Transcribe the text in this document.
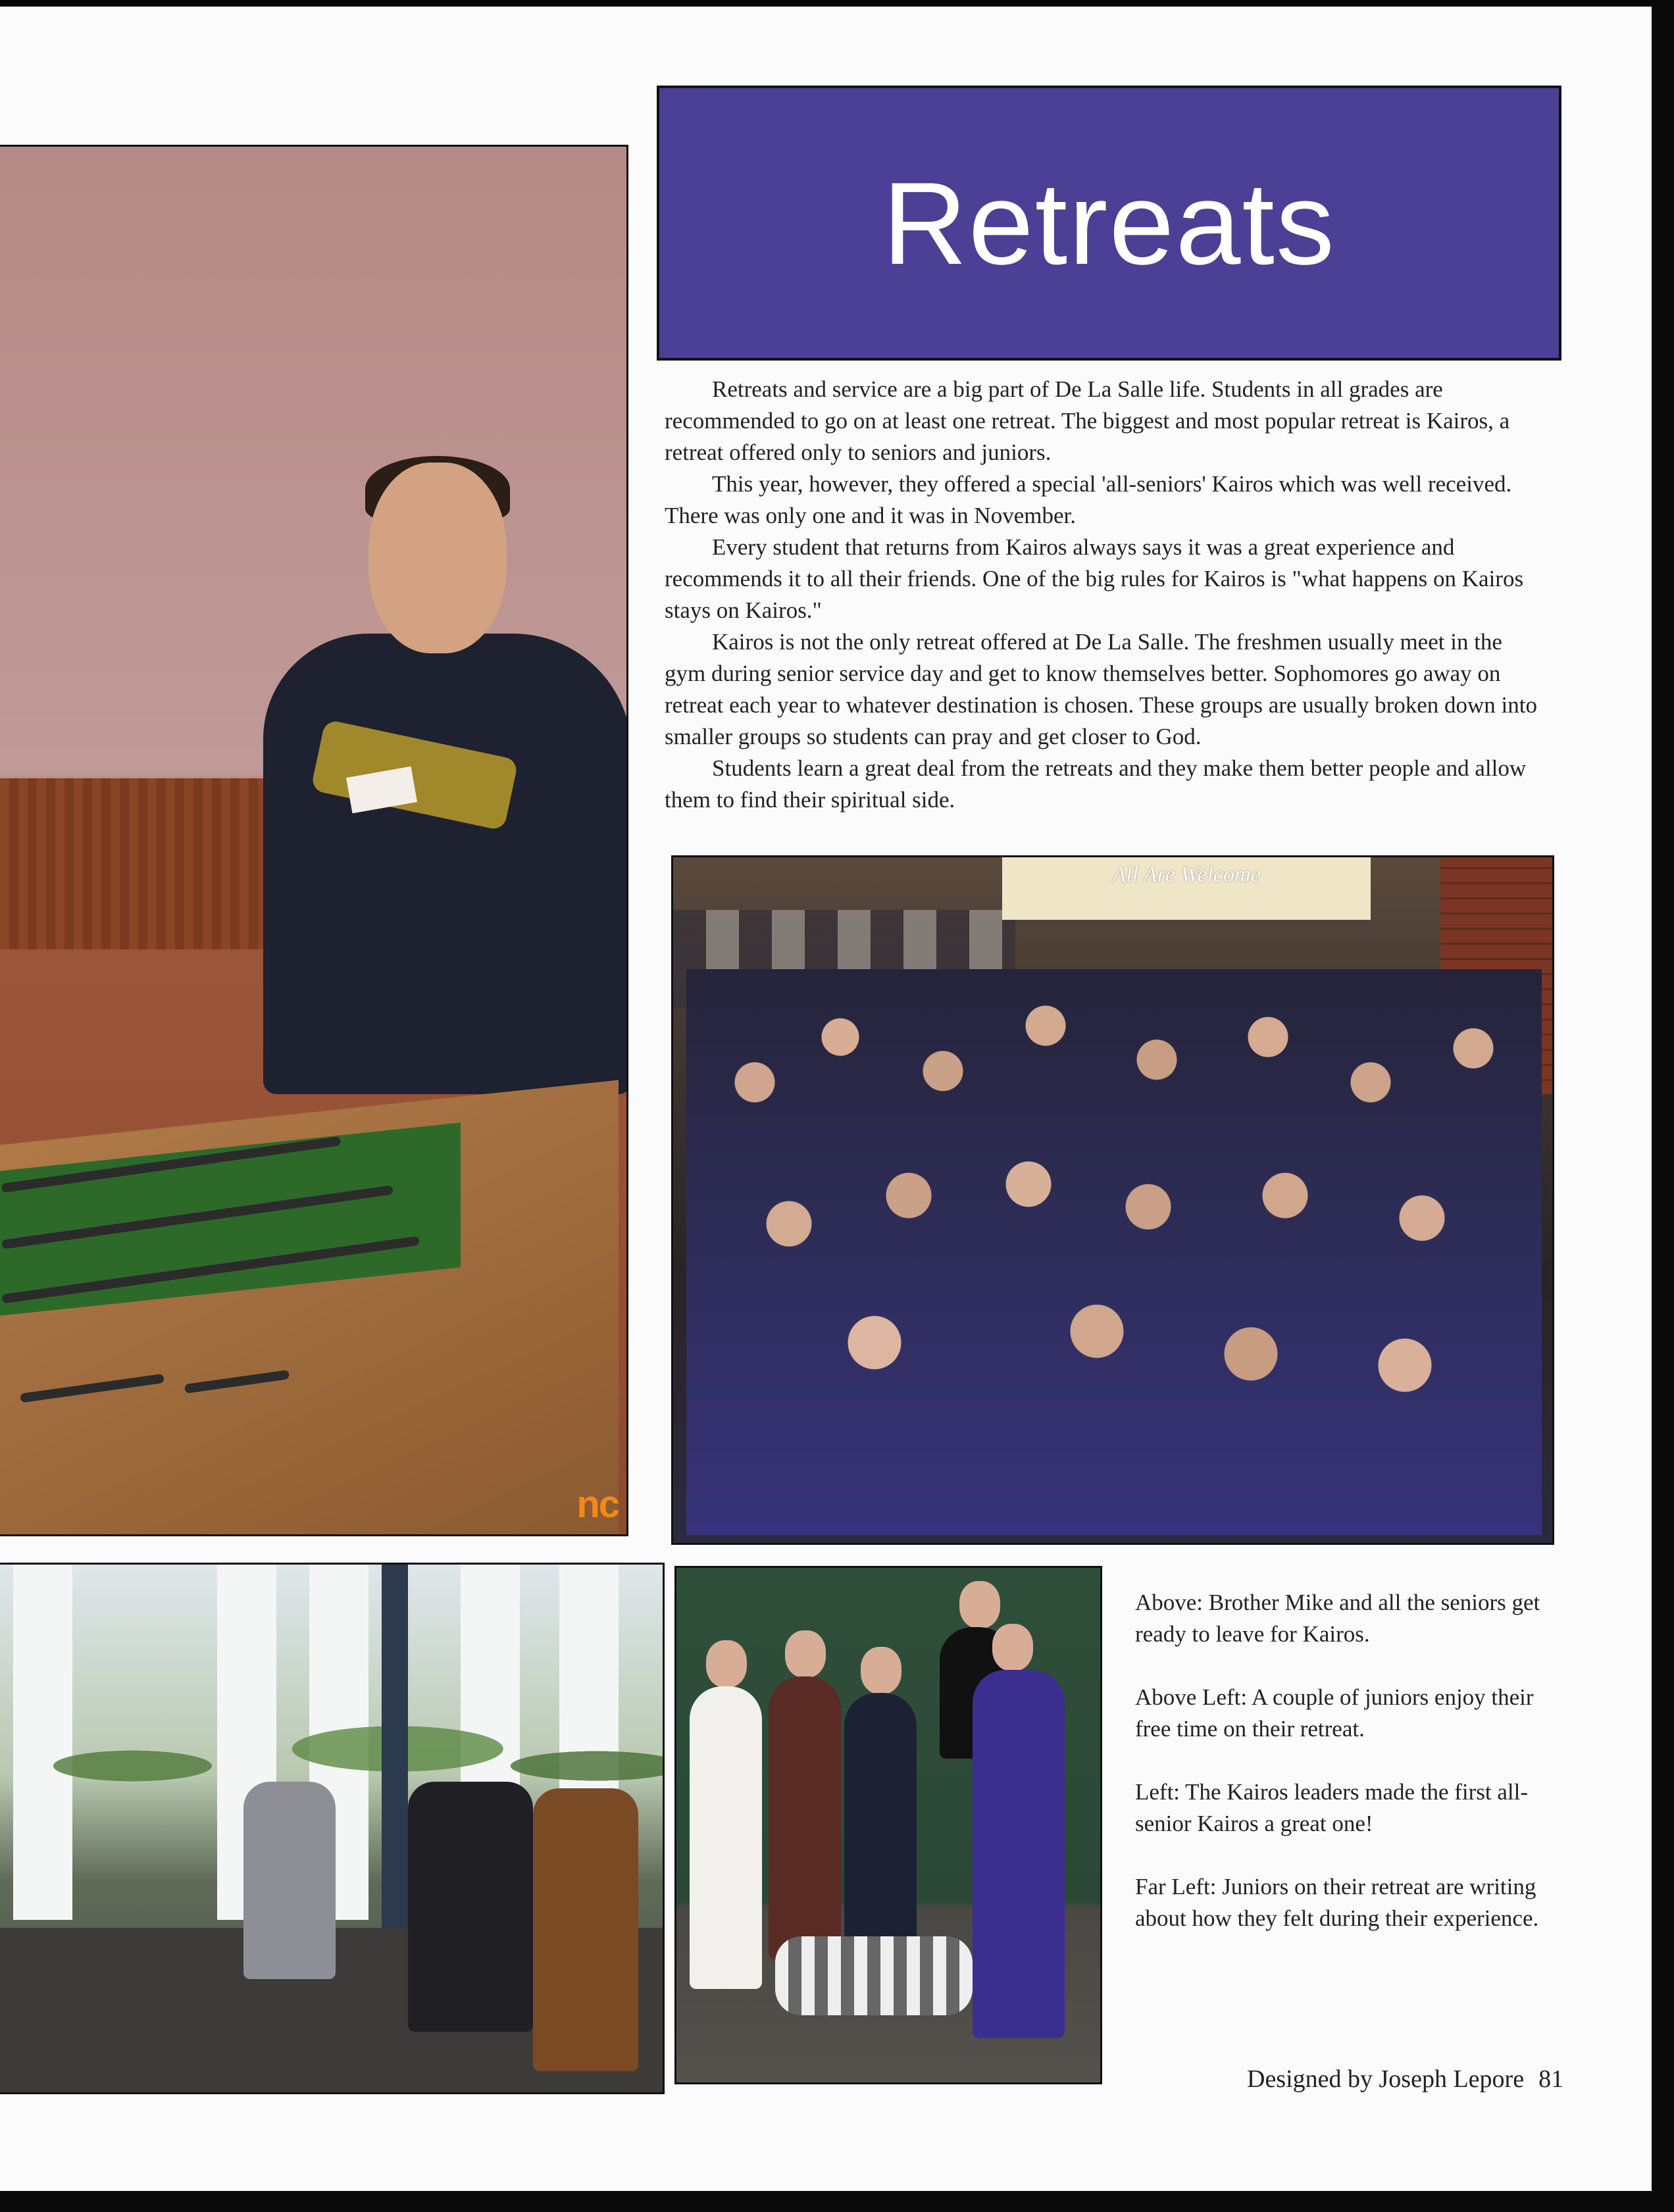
nc
Retreats

Retreats and service are a big part of De La Salle life. Students in all grades are recommended to go on at least one retreat. The biggest and most popular retreat is Kairos, a retreat offered only to seniors and juniors.

This year, however, they offered a special 'all-seniors' Kairos which was well received. There was only one and it was in November.

Every student that returns from Kairos always says it was a great experience and recommends it to all their friends. One of the big rules for Kairos is "what happens on Kairos stays on Kairos."

Kairos is not the only retreat offered at De La Salle. The freshmen usually meet in the gym during senior service day and get to know themselves better. Sophomores go away on retreat each year to whatever destination is chosen. These groups are usually broken down into smaller groups so students can pray and get closer to God.

Students learn a great deal from the retreats and they make them better people and allow them to find their spiritual side.

All Are Welcome

Above: Brother Mike and all the seniors get ready to leave for Kairos.

Above Left: A couple of juniors enjoy their free time on their retreat.

Left: The Kairos leaders made the first all-senior Kairos a great one!

Far Left: Juniors on their retreat are writing about how they felt during their experience.

Designed by Joseph Lepore 81
